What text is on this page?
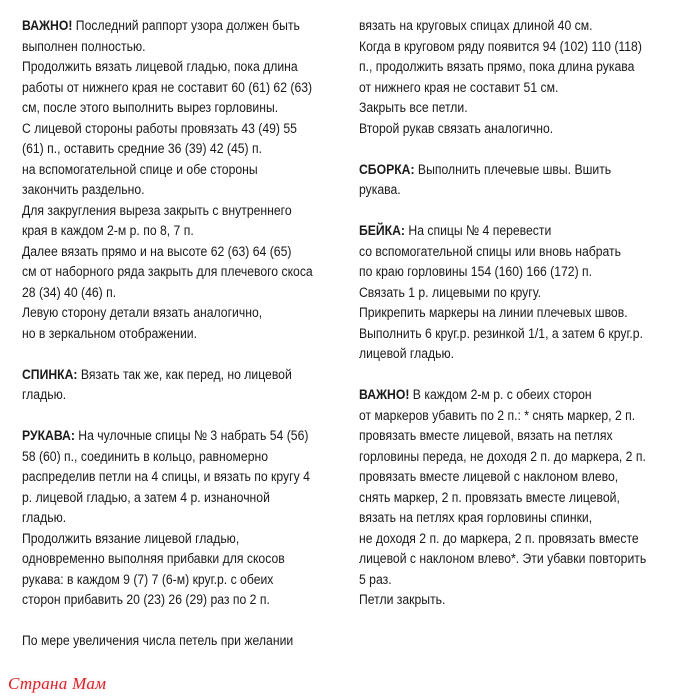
ВАЖНО! Последний раппорт узора должен быть
выполнен полностью.
Продолжить вязать лицевой гладью, пока длина
работы от нижнего края не составит 60 (61) 62 (63)
см, после этого выполнить вырез горловины.
С лицевой стороны работы провязать 43 (49) 55
(61) п., оставить средние 36 (39) 42 (45) п.
на вспомогательной спице и обе стороны
закончить раздельно.
Для закругления выреза закрыть с внутреннего
края в каждом 2-м р. по 8, 7 п.
Далее вязать прямо и на высоте 62 (63) 64 (65)
см от наборного ряда закрыть для плечевого скоса
28 (34) 40 (46) п.
Левую сторону детали вязать аналогично,
но в зеркальном отображении.
СПИНКА: Вязать так же, как перед, но лицевой
гладью.
РУКАВА: На чулочные спицы № 3 набрать 54 (56)
58 (60) п., соединить в кольцо, равномерно
распределив петли на 4 спицы, и вязать по кругу 4
р. лицевой гладью, а затем 4 р. изнаночной
гладью.
Продолжить вязание лицевой гладью,
одновременно выполняя прибавки для скосов
рукава: в каждом 9 (7) 7 (6-м) круг.р. с обеих
сторон прибавить 20 (23) 26 (29) раз по 2 п.
По мере увеличения числа петель при желании
вязать на круговых спицах длиной 40 см.
Когда в круговом ряду появится 94 (102) 110 (118)
п., продолжить вязать прямо, пока длина рукава
от нижнего края не составит 51 см.
Закрыть все петли.
Второй рукав связать аналогично.
СБОРКА: Выполнить плечевые швы. Вшить
рукава.
БЕЙКА: На спицы № 4 перевести
со вспомогательной спицы или вновь набрать
по краю горловины 154 (160) 166 (172) п.
Связать 1 р. лицевыми по кругу.
Прикрепить маркеры на линии плечевых швов.
Выполнить 6 круг.р. резинкой 1/1, а затем 6 круг.р.
лицевой гладью.
ВАЖНО! В каждом 2-м р. с обеих сторон
от маркеров убавить по 2 п.: * снять маркер, 2 п.
провязать вместе лицевой, вязать на петлях
горловины переда, не доходя 2 п. до маркера, 2 п.
провязать вместе лицевой с наклоном влево,
снять маркер, 2 п. провязать вместе лицевой,
вязать на петлях края горловины спинки,
не доходя 2 п. до маркера, 2 п. провязать вместе
лицевой с наклоном влево*. Эти убавки повторить
5 раз.
Петли закрыть.
Страна Мам
